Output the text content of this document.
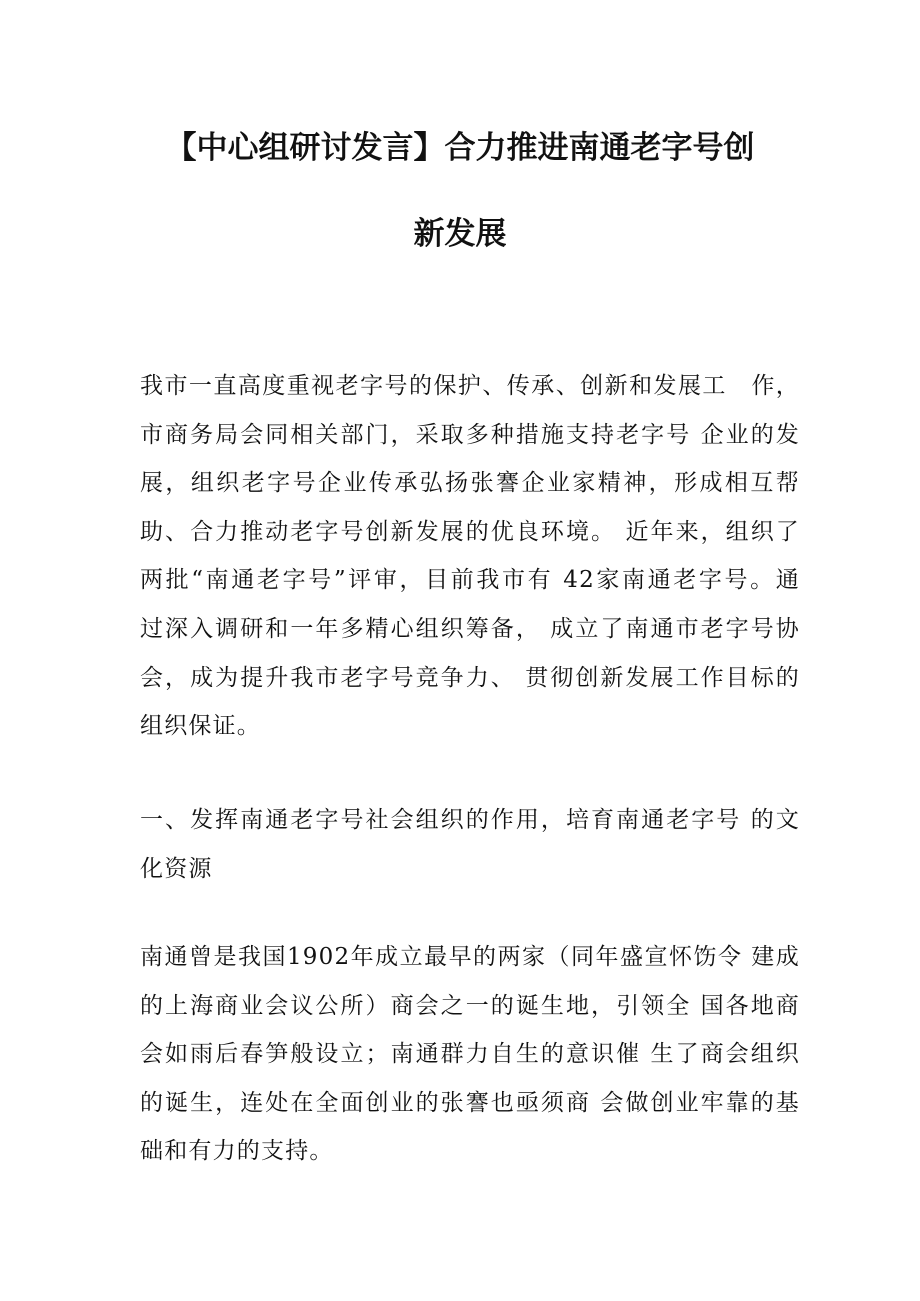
【中心组研讨发言】合力推进南通老字号创
新发展
我市一直高度重视老字号的保护、传承、创新和发展工　作，
市商务局会同相关部门，采取多种措施支持老字号 企业的发
展，组织老字号企业传承弘扬张謇企业家精神，形成相互帮
助、合力推动老字号创新发展的优良环境。 近年来，组织了
两批“南通老字号”评审，目前我市有 42家南通老字号。通
过深入调研和一年多精心组织筹备， 成立了南通市老字号协
会，成为提升我市老字号竞争力、 贯彻创新发展工作目标的
组织保证。
一、发挥南通老字号社会组织的作用，培育南通老字号 的文
化资源
南通曾是我国1902年成立最早的两家（同年盛宣怀饬令 建成
的上海商业会议公所）商会之一的诞生地，引领全 国各地商
会如雨后春笋般设立；南通群力自生的意识催 生了商会组织
的诞生，连处在全面创业的张謇也亟须商 会做创业牢靠的基
础和有力的支持。
